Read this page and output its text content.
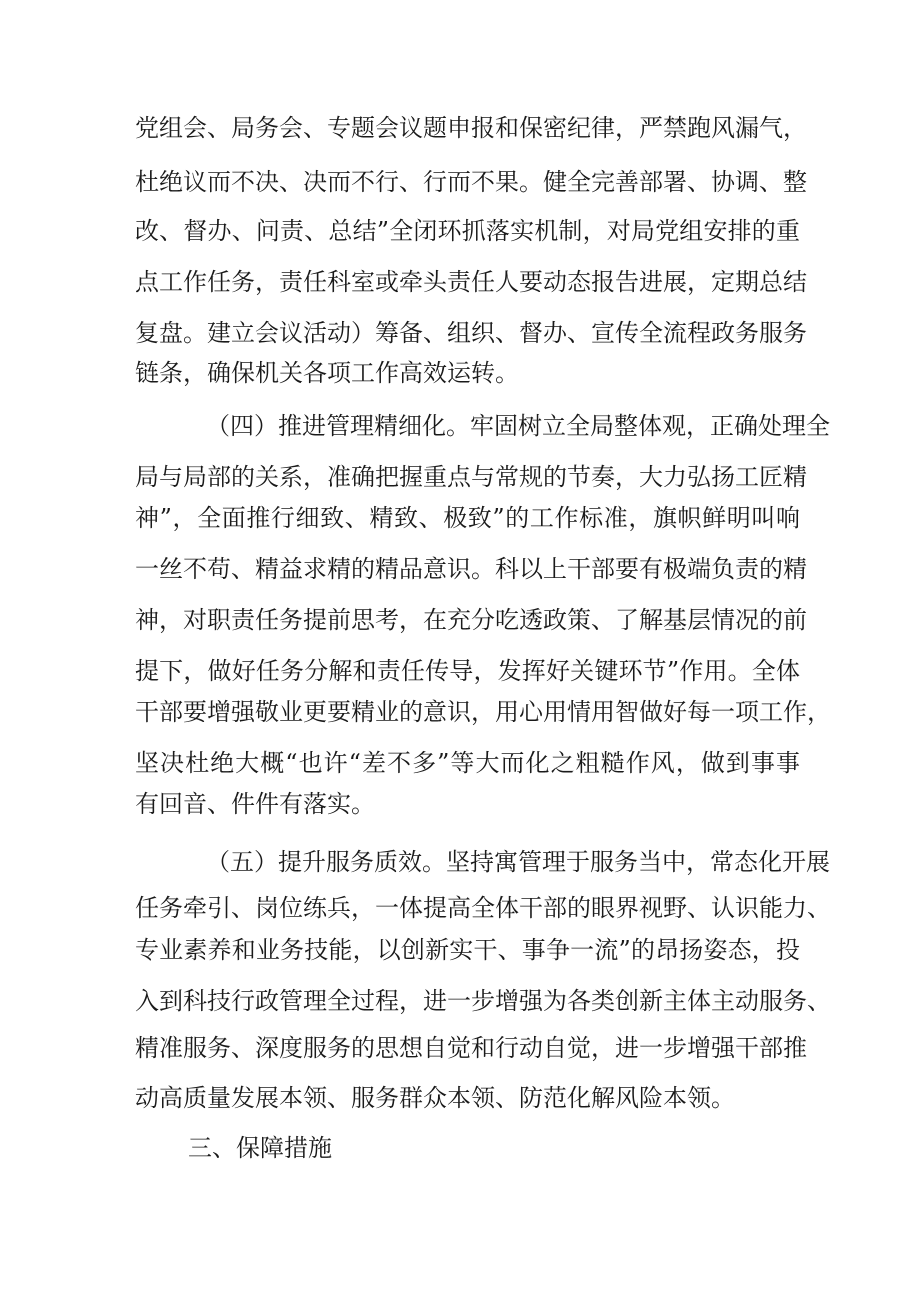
党组会、局务会、专题会议题申报和保密纪律，严禁跑风漏气，
杜绝议而不决、决而不行、行而不果。健全完善部署、协调、整
改、督办、问责、总结”全闭环抓落实机制，对局党组安排的重
点工作任务，责任科室或牵头责任人要动态报告进展，定期总结
复盘。建立会议活动）筹备、组织、督办、宣传全流程政务服务
链条，确保机关各项工作高效运转。
（四）推进管理精细化。牢固树立全局整体观，正确处理全
局与局部的关系，准确把握重点与常规的节奏，大力弘扬工匠精
神”，全面推行细致、精致、极致”的工作标准，旗帜鲜明叫响
一丝不苟、精益求精的精品意识。科以上干部要有极端负责的精
神，对职责任务提前思考，在充分吃透政策、了解基层情况的前
提下，做好任务分解和责任传导，发挥好关键环节”作用。全体
干部要增强敬业更要精业的意识，用心用情用智做好每一项工作，
坚决杜绝大概“也许“差不多”等大而化之粗糙作风，做到事事
有回音、件件有落实。
（五）提升服务质效。坚持寓管理于服务当中，常态化开展
任务牵引、岗位练兵，一体提高全体干部的眼界视野、认识能力、
专业素养和业务技能，以创新实干、事争一流”的昂扬姿态，投
入到科技行政管理全过程，进一步增强为各类创新主体主动服务、
精准服务、深度服务的思想自觉和行动自觉，进一步增强干部推
动高质量发展本领、服务群众本领、防范化解风险本领。
三、保障措施
